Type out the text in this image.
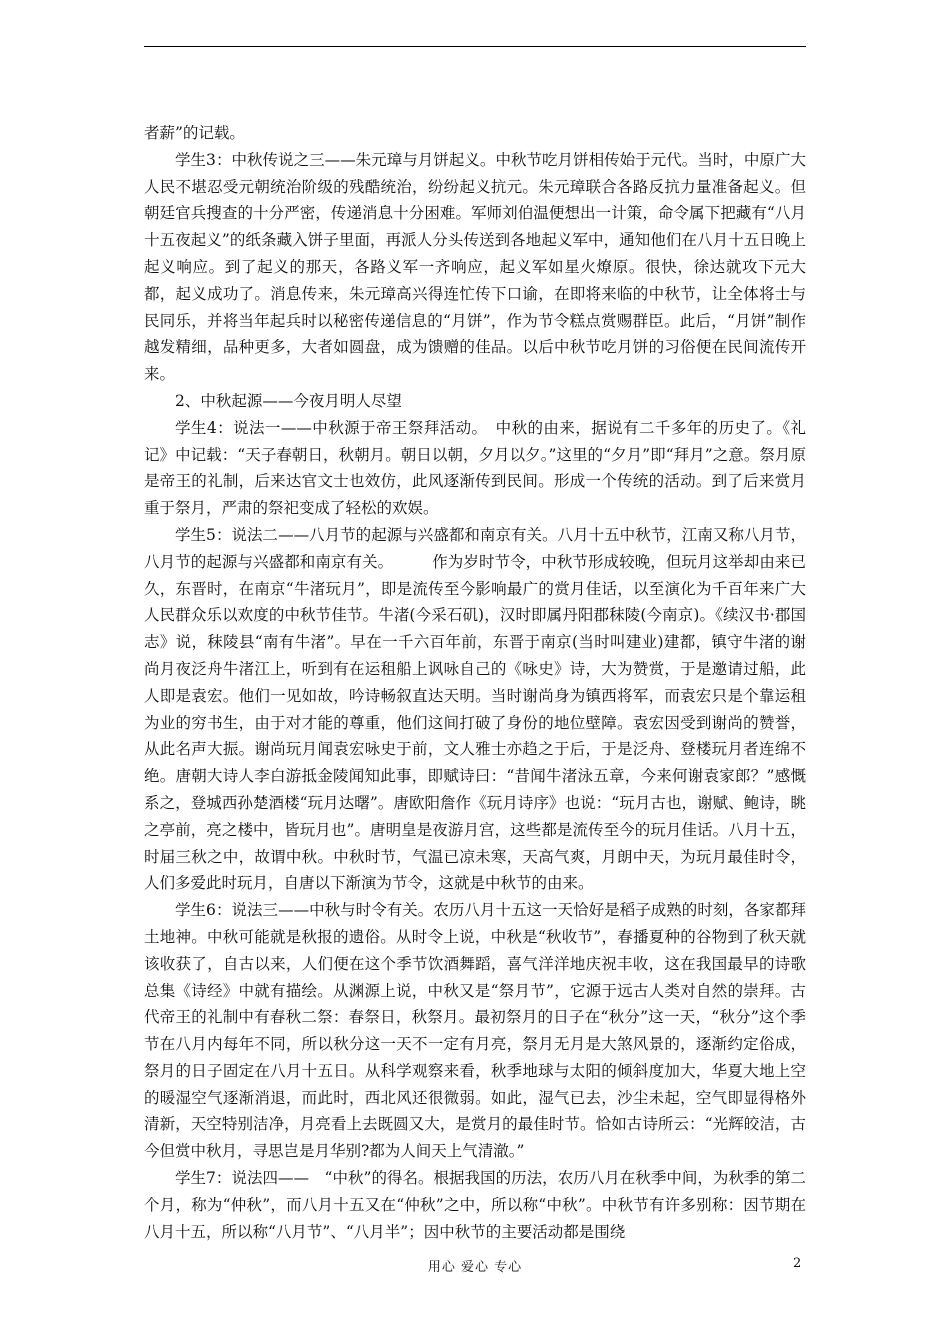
者薪”的记载。

学生3：中秋传说之三——朱元璋与月饼起义。中秋节吃月饼相传始于元代。当时，中原广大人民不堪忍受元朝统治阶级的残酷统治，纷纷起义抗元。朱元璋联合各路反抗力量准备起义。但朝廷官兵搜查的十分严密，传递消息十分困难。军师刘伯温便想出一计策，命令属下把藏有“八月十五夜起义”的纸条藏入饼子里面，再派人分头传送到各地起义军中，通知他们在八月十五日晚上起义响应。到了起义的那天，各路义军一齐响应，起义军如星火燎原。很快，徐达就攻下元大都，起义成功了。消息传来，朱元璋高兴得连忙传下口谕，在即将来临的中秋节，让全体将士与民同乐，并将当年起兵时以秘密传递信息的“月饼”，作为节令糕点赏赐群臣。此后，“月饼”制作越发精细，品种更多，大者如圆盘，成为馈赠的佳品。以后中秋节吃月饼的习俗便在民间流传开来。

2、中秋起源——今夜月明人尽望

学生4：说法一——中秋源于帝王祭拜活动。　中秋的由来，据说有二千多年的历史了。《礼记》中记载：“天子春朝日，秋朝月。朝日以朝，夕月以夕。”这里的“夕月”即“拜月”之意。祭月原是帝王的礼制，后来达官文士也效仿，此风逐渐传到民间。形成一个传统的活动。到了后来赏月重于祭月，严肃的祭祀变成了轻松的欢娱。

学生5：说法二——八月节的起源与兴盛都和南京有关。八月十五中秋节，江南又称八月节，八月节的起源与兴盛都和南京有关。　　　作为岁时节令，中秋节形成较晚，但玩月这举却由来已久，东晋时，在南京“牛渚玩月”，即是流传至今影响最广的赏月佳话，以至演化为千百年来广大人民群众乐以欢度的中秋节佳节。牛渚(今采石矶)，汉时即属丹阳郡秣陵(今南京)。《续汉书·郡国志》说，秣陵县“南有牛渚”。早在一千六百年前，东晋于南京(当时叫建业)建都，镇守牛渚的谢尚月夜泛舟牛渚江上，听到有在运租船上讽咏自己的《咏史》诗，大为赞赏，于是邀请过船，此人即是袁宏。他们一见如故，吟诗畅叙直达天明。当时谢尚身为镇西将军，而袁宏只是个靠运租为业的穷书生，由于对才能的尊重，他们这间打破了身份的地位壁障。袁宏因受到谢尚的赞誉，从此名声大振。谢尚玩月闻袁宏咏史于前，文人雅士亦趋之于后，于是泛舟、登楼玩月者连绵不绝。唐朝大诗人李白游抵金陵闻知此事，即赋诗曰：“昔闻牛渚泳五章，今来何谢袁家郎？”感慨系之，登城西孙楚酒楼“玩月达曙”。唐欧阳詹作《玩月诗序》也说：“玩月古也，谢赋、鲍诗，眺之亭前，亮之楼中，皆玩月也”。唐明皇是夜游月宫，这些都是流传至今的玩月佳话。八月十五，时届三秋之中，故谓中秋。中秋时节，气温已凉未寒，天高气爽，月朗中天，为玩月最佳时令，人们多爱此时玩月，自唐以下渐演为节令，这就是中秋节的由来。

学生6：说法三——中秋与时令有关。农历八月十五这一天恰好是稻子成熟的时刻，各家都拜土地神。中秋可能就是秋报的遗俗。从时令上说，中秋是“秋收节”，春播夏种的谷物到了秋天就该收获了，自古以来，人们便在这个季节饮酒舞蹈，喜气洋洋地庆祝丰收，这在我国最早的诗歌总集《诗经》中就有描绘。从渊源上说，中秋又是“祭月节”，它源于远古人类对自然的崇拜。古代帝王的礼制中有春秋二祭：春祭日，秋祭月。最初祭月的日子在“秋分”这一天，“秋分”这个季节在八月内每年不同，所以秋分这一天不一定有月亮，祭月无月是大煞风景的，逐渐约定俗成，祭月的日子固定在八月十五日。从科学观察来看，秋季地球与太阳的倾斜度加大，华夏大地上空的暖湿空气逐渐消退，而此时，西北风还很微弱。如此，湿气已去，沙尘未起，空气即显得格外清新，天空特别洁净，月亮看上去既圆又大，是赏月的最佳时节。恰如古诗所云：“光辉皎洁，古今但赏中秋月，寻思岂是月华别?都为人间天上气清澈。”

学生7：说法四——　“中秋”的得名。根据我国的历法，农历八月在秋季中间，为秋季的第二个月，称为“仲秋”，而八月十五又在“仲秋”之中，所以称“中秋”。中秋节有许多别称：因节期在八月十五，所以称“八月节”、“八月半”；因中秋节的主要活动都是围绕

用心 爱心 专心	2
